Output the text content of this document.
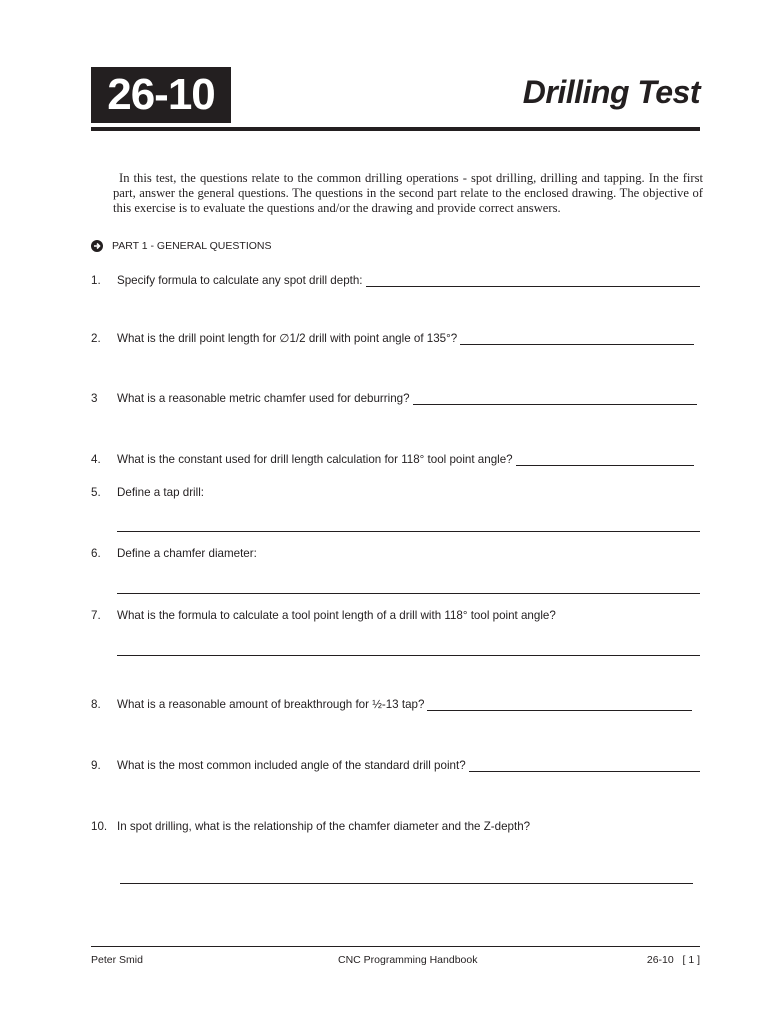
26-10	Drilling Test
In this test, the questions relate to the common drilling operations - spot drilling, drilling and tapping. In the first part, answer the general questions. The questions in the second part relate to the enclosed drawing. The objective of this exercise is to evaluate the questions and/or the drawing and provide correct answers.
PART 1 - GENERAL QUESTIONS
1.	Specify formula to calculate any spot drill depth:
2.	What is the drill point length for ∅1/2 drill with point angle of 135°?
3	What is a reasonable metric chamfer used for deburring?
4.	What is the constant used for drill length calculation for 118° tool point angle?
5.	Define a tap drill:
6.	Define a chamfer diameter:
7.	What is the formula to calculate a tool point length of a drill with 118° tool point angle?
8.	What is a reasonable amount of breakthrough for ½-13 tap?
9.	What is the most common included angle of the standard drill point?
10. In spot drilling, what is the relationship of the chamfer diameter and the Z-depth?
Peter Smid	CNC Programming Handbook	26-10   [ 1 ]
